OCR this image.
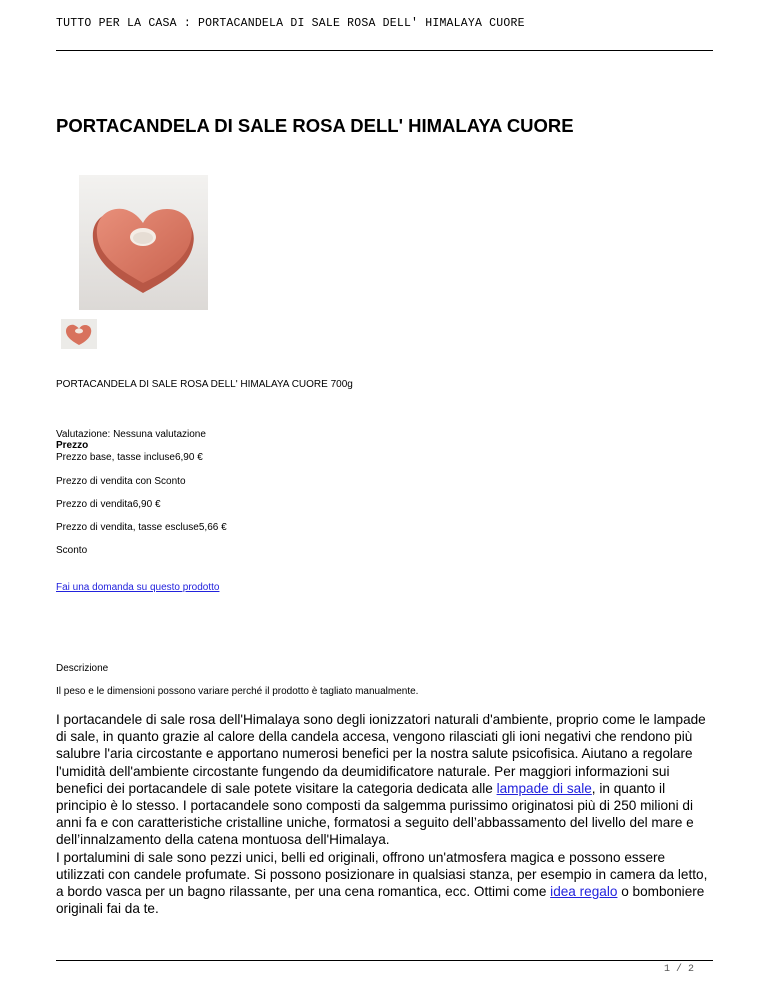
TUTTO PER LA CASA : PORTACANDELA DI SALE ROSA DELL' HIMALAYA CUORE
PORTACANDELA DI SALE ROSA DELL' HIMALAYA CUORE
PORTACANDELA DI SALE ROSA DELL' HIMALAYA CUORE 700g
Valutazione: Nessuna valutazione
Prezzo
Prezzo base, tasse incluse6,90 €
Prezzo di vendita con Sconto
Prezzo di vendita6,90 €
Prezzo di vendita, tasse escluse5,66 €
Sconto
Fai una domanda su questo prodotto
Descrizione
Il peso e le dimensioni possono variare perché il prodotto è tagliato manualmente.
I portacandele di sale rosa dell'Himalaya sono degli ionizzatori naturali d'ambiente, proprio come le lampade di sale, in quanto grazie al calore della candela accesa, vengono rilasciati gli ioni negativi che rendono più salubre l'aria circostante e apportano numerosi benefici per la nostra salute psicofisica. Aiutano a regolare l'umidità dell'ambiente circostante fungendo da deumidificatore naturale. Per maggiori informazioni sui benefici dei portacandele di sale potete visitare la categoria dedicata alle lampade di sale, in quanto il principio è lo stesso. I portacandele sono composti da salgemma purissimo originatosi più di 250 milioni di anni fa e con caratteristiche cristalline uniche, formatosi a seguito dell’abbassamento del livello del mare e dell’innalzamento della catena montuosa dell'Himalaya.
I portalumini di sale sono pezzi unici, belli ed originali, offrono un'atmosfera magica e possono essere utilizzati con candele profumate. Si possono posizionare in qualsiasi stanza, per esempio in camera da letto, a bordo vasca per un bagno rilassante, per una cena romantica, ecc. Ottimi come idea regalo o bomboniere originali fai da te.
1 / 2
